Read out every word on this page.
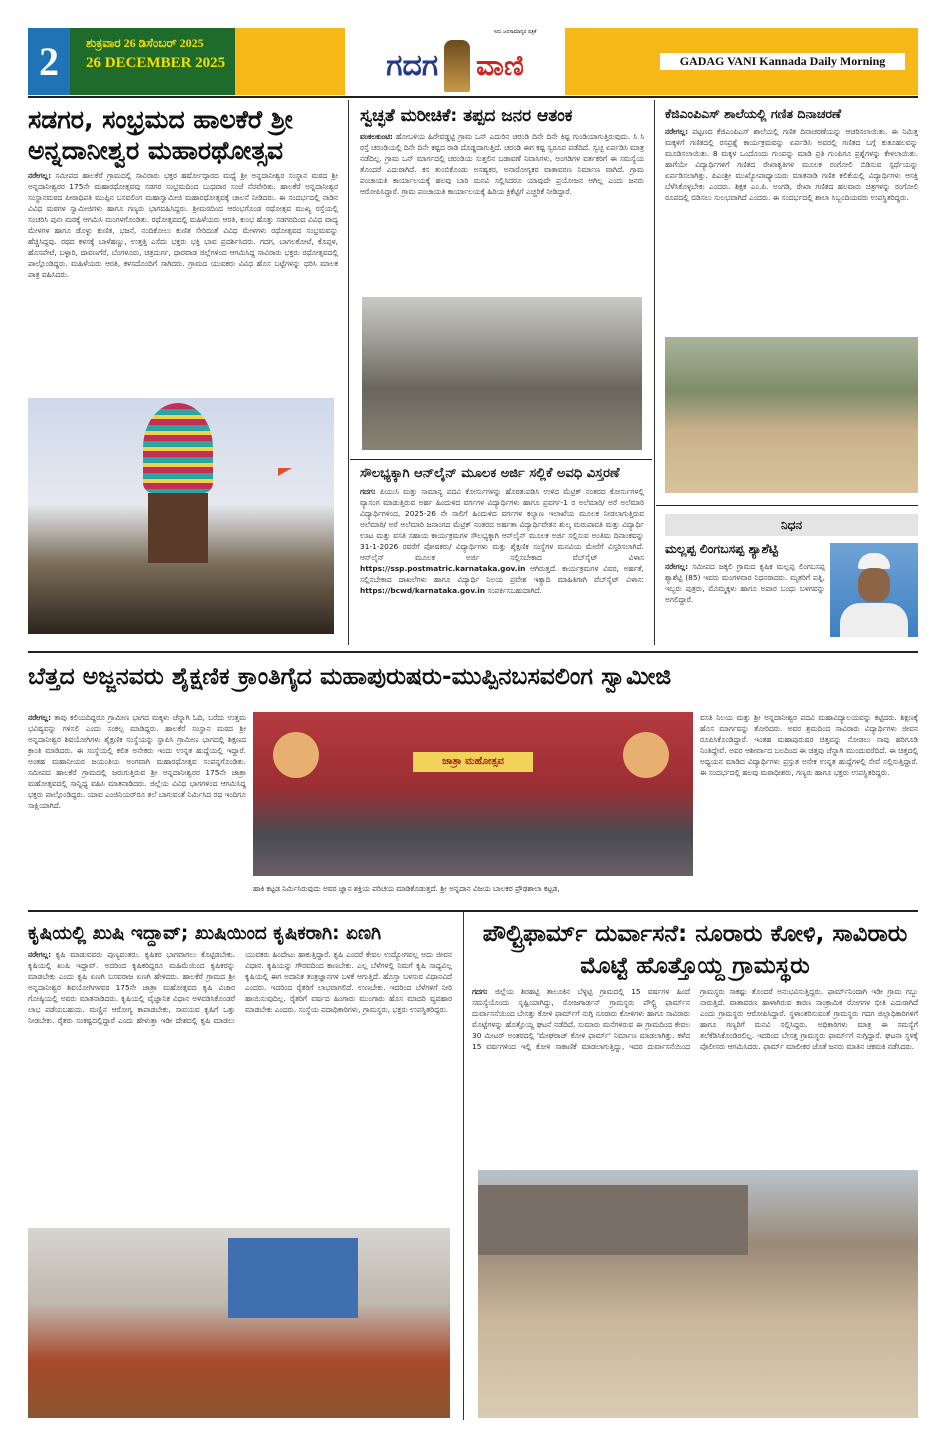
2	ಶುಕ್ರವಾರ 26 ಡಿಸೆಂಬರ್ 2025
26 DECEMBER 2025	ಗದಗ ವಾಣಿ
ಇದು ಜನಸಾಮಾನ್ಯರ ಪತ್ರಿಕೆ
GADAG VANI Kannada Daily Morning
ಸಡಗರ, ಸಂಭ್ರಮದ ಹಾಲಕೆರೆ ಶ್ರೀ ಅನ್ನದಾನೀಶ್ವರ ಮಹಾರಥೋತ್ಸವ
ನರೇಗಲ್ಲ: ಸಮೀಪದ ಹಾಲಕೆರೆ ಗ್ರಾಮದಲ್ಲಿ ಸಾವಿರಾರು ಭಕ್ತರ ಹರ್ಷೋದ್ಗಾರದ ಮಧ್ಯೆ ಶ್ರೀ ಅನ್ನದಾನೀಶ್ವರ ಸಂಸ್ಥಾನ ಮಠದ ಶ್ರೀ ಅನ್ನದಾನೀಶ್ವರರ 175ನೇ ಮಹಾರಥೋತ್ಸವವು ಸಡಗರ ಸಂಭ್ರಮದಿಂದ ಬುಧವಾರ ಸಂಜೆ ನೆರವೇರಿತು. ಹಾಲಕೆರೆ ಅನ್ನದಾನೀಶ್ವರ ಸಂಸ್ಥಾನಮಠದ ಪೀಠಾಧಿಪತಿ ಮುಪ್ಪಿನ ಬಸವಲಿಂಗ ಮಹಾಸ್ವಾಮೀಜಿ ಮಹಾರಥೋತ್ಸವಕ್ಕೆ ಚಾಲನೆ ನೀಡಿದರು. ಈ ಸಂದರ್ಭದಲ್ಲಿ ನಾಡಿನ ವಿವಿಧ ಮಠಗಳ ಸ್ವಾಮೀಜಿಗಳು ಹಾಗೂ ಗಣ್ಯರು ಭಾಗವಹಿಸಿದ್ದರು. ಶ್ರೀಮಠದಿಂದ ಆರಂಭಗೊಂಡ ರಥೋತ್ಸವ ಮುಖ್ಯ ರಸ್ತೆಯಲ್ಲಿ ಸಂಚರಿಸಿ ಪುನಃ ಮಠಕ್ಕೆ ಆಗಮಿಸಿ ಮಂಗಳಗೊಂಡಿತು. ರಥೋತ್ಸವದಲ್ಲಿ ಮಹಿಳೆಯರು ಆರತಿ, ಕುಂಭ ಹೊತ್ತು ಸಡಗರದಿಂದ ವಿವಿಧ ವಾದ್ಯ ಮೇಳಗಳ ಹಾಗೂ ಡೊಳ್ಳು ಕುಣಿತ, ಭಜನೆ, ನಂದಿಕೋಲು ಕುಣಿತ ಸೇರಿದಂತೆ ವಿವಿಧ ಮೇಳಗಳು ರಥೋತ್ಸವದ ಸಂಭ್ರಮವನ್ನು ಹೆಚ್ಚಿಸಿದ್ದವು. ರಥದ ಕಳಸಕ್ಕೆ ಬಾಳೆಹಣ್ಣು, ಉತ್ತತ್ತಿ ಎಸೆದು ಭಕ್ತರು ಭಕ್ತಿ ಭಾವ ಪ್ರದರ್ಶಿಸಿದರು. ಗದಗ, ಬಾಗಲಕೋಟೆ, ಕೊಪ್ಪಳ, ಹೊಸಪೇಟೆ, ಬಳ್ಳಾರಿ, ದಾವಣಗೆರೆ, ಬೆಂಗಳೂರು, ಚಿತ್ರದುರ್ಗ, ಧಾರವಾಡ ಜಿಲ್ಲೆಗಳಿಂದ ಆಗಮಿಸಿದ್ದ ಸಾವಿರಾರು ಭಕ್ತರು ರಥೋತ್ಸವದಲ್ಲಿ ಪಾಲ್ಗೊಂಡಿದ್ದರು. ಮಹಿಳೆಯರು ಆರತಿ, ಕಳಸದೊಂದಿಗೆ ಸಾಗಿದರು. ಗ್ರಾಮದ ಯುವಕರು ವಿವಿಧ ಹೊಸ ಬಟ್ಟೆಗಳನ್ನು ಧರಿಸಿ ಮಾಲಕ ಪಾತ್ರ ವಹಿಸಿದರು.
ಸ್ವಚ್ಛತೆ ಮರೀಚಿಕೆ: ತಪ್ಪದ ಜನರ ಆತಂಕ
ವಂಕಲಕುಂಟಿ: ಹೋಬಳಿಯ ಹಿರೇವಡ್ಡಟ್ಟಿ ಗ್ರಾಮ ಒನ್ ಎದುರಿನ ಚರಂಡಿ ದಿನೇ ದಿನೇ ಕಿಷ್ಟ ಗುಂಡಿಯಾಗುತ್ತಿರುವುದು. ಸಿ ಸಿ ರಸ್ತೆ ಚರಂಡಿಯಲ್ಲಿ ದಿನೇ ದಿನೇ ಕಷ್ಟದ ರಾಡಿ ದೊಡ್ಡದಾಗುತ್ತಿದೆ. ಚರಂಡಿ ಈಗ ಕಷ್ಟ ಸ್ವರೂಪ ಪಡೆದಿದೆ. ಸ್ವಚ್ಛ ಏರ್ಪಡಿಸಿ ಮಾತ್ರ ನಡೆದಿಲ್ಲ. ಗ್ರಾಮ ಒನ್ ಮಾರ್ಗದಲ್ಲಿ ಚರಂಡಿಯ ಸುತ್ತಲಿನ ಬಡಾವಣೆ ನಿವಾಸಿಗಳು, ಅಂಗಡಿಗಳ ವರ್ತಕರಿಗೆ ಈ ಸಮಸ್ಯೆಯ ತೊಂದರೆ ಎದುರಾಗಿದೆ. ಕಸ ತುಂಬಿಕೊಂಡು ಅಸಹ್ಯಕರ, ಅನಾರೋಗ್ಯಕರ ವಾತಾವರಣ ನಿರ್ಮಾಣ ವಾಗಿದೆ. ಗ್ರಾಮ ಪಂಚಾಯತಿ ಕಾರ್ಯಾಲಯಕ್ಕೆ ಹಲವು ಬಾರಿ ಮನವಿ ಸಲ್ಲಿಸಿದರೂ ಯಾವುದೇ ಪ್ರಯೋಜನ ಆಗಿಲ್ಲ ಎಂದು ಜನರು ಆರೋಪಿಸಿದ್ದಾರೆ. ಗ್ರಾಮ ಪಂಚಾಯತಿ ಕಾರ್ಯಾಲಯಕ್ಕೆ ಹಿರಿಯ ಕ್ರಿಕೆಟ್ಟಿಗೆ ಎಚ್ಚರಿಕೆ ನೀಡಿದ್ದಾರೆ.
ಸೌಲಭ್ಯಕ್ಕಾಗಿ ಆನ್‌ಲೈನ್ ಮೂಲಕ ಅರ್ಜಿ ಸಲ್ಲಿಕೆ ಅವಧಿ ವಿಸ್ತರಣೆ
ಗದಗ: ಪಿಯುಸಿ ಮತ್ತು ಸಾಮಾನ್ಯ ಪದವಿ ಕೋರ್ಸುಗಳನ್ನು ಹೊರತುಪಡಿಸಿ ಉಳಿದ ಮೆಟ್ರಿಕ್ ನಂತರದ ಕೋರ್ಸುಗಳಲ್ಲಿ ವ್ಯಾಸಂಗ ಮಾಡುತ್ತಿರುವ ಅರ್ಹ ಹಿಂದುಳಿದ ವರ್ಗಗಳ ವಿದ್ಯಾರ್ಥಿಗಳು ಹಾಗೂ ಪ್ರವರ್ಗ-1 ರ ಅಲೆಮಾರಿ/ ಅರೆ ಅಲೆಮಾರಿ ವಿದ್ಯಾರ್ಥಿಗಳಿಂದ, 2025-26 ನೇ ಸಾಲಿಗೆ ಹಿಂದುಳಿದ ವರ್ಗಗಳ ಕಲ್ಯಾಣ ಇಲಾಖೆಯ ಮೂಲಕ ನೀಡಲಾಗುತ್ತಿರುವ ಅಲೆಮಾರಿ/ ಅರೆ ಅಲೆಮಾರಿ ಜನಾಂಗದ ಮೆಟ್ರಿಕ್ ನಂತರದ ಅರ್ಹತಾ ವಿದ್ಯಾರ್ಥಿವೇತನ ಶುಲ್ಕ ಮರುಪಾವತಿ ಮತ್ತು ವಿದ್ಯಾರ್ಥಿ ಊಟ ಮತ್ತು ವಸತಿ ಸಹಾಯ ಕಾರ್ಯಕ್ರಮಗಳ ಸೌಲಭ್ಯಕ್ಕಾಗಿ ಆನ್‌ಲೈನ್ ಮೂಲಕ ಅರ್ಜಿ ಸಲ್ಲಿಸುವ ಅಂತಿಮ ದಿನಾಂಕವನ್ನು 31-1-2026 ರವರೆಗೆ ಪೋಷಕರು/ ವಿದ್ಯಾರ್ಥಿಗಳು ಮತ್ತು ಶೈಕ್ಷಣಿಕ ಸಂಸ್ಥೆಗಳ ಮನವಿಯ ಮೇರೆಗೆ ವಿಸ್ತರಿಸಲಾಗಿದೆ. ಆನ್‌ಲೈನ್ ಮೂಲಕ ಅರ್ಜಿ ಸಲ್ಲಿಸಬೇಕಾದ ವೆಬ್‌ಸೈಟ್ ವಿಳಾಸ https://ssp.postmatric.karnataka.gov.in ಆಗಿರುತ್ತದೆ. ಕಾರ್ಯಕ್ರಮಗಳ ವಿವರ, ಅರ್ಹತೆ, ಸಲ್ಲಿಸಬೇಕಾದ ದಾಖಲೆಗಳು ಹಾಗೂ ವಿದ್ಯಾರ್ಥಿ ನಿಲಯ ಪ್ರವೇಶ ಇತ್ಯಾದಿ ಮಾಹಿತಿಗಾಗಿ ವೆಬ್‌ಸೈಟ್ ವಿಳಾಸ: https://bcwd/karnataka.gov.in ಸಂಪರ್ಕಿಸಬಹುದಾಗಿದೆ.
ಕೆಜಿಎಂಪಿಎಸ್ ಶಾಲೆಯಲ್ಲಿ ಗಣಿತ ದಿನಾಚರಣೆ
ನರೇಗಲ್ಲ: ಪಟ್ಟಣದ ಕೆಜಿಎಂಪಿಎಸ್ ಶಾಲೆಯಲ್ಲಿ ಗಣಿತ ದಿನಾಚರಣೆಯನ್ನು ಆಚರಿಸಲಾಯಿತು. ಈ ನಿಮಿತ್ತ ಮಕ್ಕಳಿಗೆ ಗಣಿತದಲ್ಲಿ ರಸಪ್ರಶ್ನೆ ಕಾರ್ಯಕ್ರಮವನ್ನು ಏರ್ಪಡಿಸಿ ಅವರಲ್ಲಿ ಗಣಿತದ ಬಗ್ಗೆ ಕುತೂಹಲವನ್ನು ಮೂಡಿಸಲಾಯಿತು. 8 ಮಕ್ಕಳ ಒಂದೊಂದು ಗುಂಪನ್ನು ಮಾಡಿ ಪ್ರತಿ ಗುಂಪಿಗೂ ಪ್ರಶ್ನೆಗಳನ್ನು ಕೇಳಲಾಯಿತು. ಹಾಗೆಯೇ ವಿದ್ಯಾರ್ಥಿಗಳಿಗೆ ಗಣಿತದ ರೇಖಾಕೃತಿಗಳ ಮೂಲಕ ರಂಗೋಲಿ ಬಿಡಿಸುವ ಸ್ಪರ್ಧೆಯನ್ನು ಏರ್ಪಡಿಸಲಾಗಿತ್ತು. ಪಿಎಂಶ್ರೀ ಮುಖ್ಯೋಪಾಧ್ಯಾಯರು ಮಾತನಾಡಿ ಗಣಿತ ಕಲಿಕೆಯಲ್ಲಿ ವಿದ್ಯಾರ್ಥಿಗಳು ಆಸಕ್ತಿ ಬೆಳೆಸಿಕೊಳ್ಳಬೇಕು ಎಂದರು. ಶಿಕ್ಷಕ ಎಂ.ಪಿ. ಅಂಗಡಿ, ರೇಖಾ ಗಣಿತದ ಹಲವಾರು ಚಿತ್ರಗಳನ್ನು ರಂಗೋಲಿ ರೂಪದಲ್ಲಿ ಬಿಡಿಸಲು ಸುಲಭವಾಗಿದೆ ಎಂದರು. ಈ ಸಂದರ್ಭದಲ್ಲಿ ಶಾಲಾ ಸಿಬ್ಬಂದಿಯವರು ಉಪಸ್ಥಿತರಿದ್ದರು.
ನಿಧನ
ಮಲ್ಲಪ್ಪ ಲಿಂಗಬಸಪ್ಪ ಶ್ಯಾಶೆಟ್ಟಿ
ನರೇಗಲ್ಲ: ಸಮೀಪದ ಜಕ್ಕಲಿ ಗ್ರಾಮದ ಕೃಷಿಕ ಮಲ್ಲಪ್ಪ ಲಿಂಗಬಸಪ್ಪ ಶ್ಯಾಶೆಟ್ಟಿ (85) ಇವರು ಮಂಗಳವಾರ ನಿಧನರಾದರು. ಮೃತರಿಗೆ ಪತ್ನಿ, ಇಬ್ಬರು ಪುತ್ರರು, ಮೊಮ್ಮಕ್ಕಳು ಹಾಗೂ ಅಪಾರ ಬಂಧು ಬಳಗವನ್ನು ಅಗಲಿದ್ದಾರೆ.
ಬೆತ್ತದ ಅಜ್ಜನವರು ಶೈಕ್ಷಣಿಕ ಕ್ರಾಂತಿಗೈದ ಮಹಾಪುರುಷರು-ಮುಪ್ಪಿನಬಸವಲಿಂಗ ಸ್ವಾಮೀಜಿ
ನರೇಗಲ್ಲ: ತಾವು ಕಲಿಯದಿದ್ದರೂ ಗ್ರಾಮೀಣ ಭಾಗದ ಮಕ್ಕಳು ಚೆನ್ನಾಗಿ ಓದಿ, ಬರೆದು ಉತ್ತಮ ಭವಿಷ್ಯವನ್ನು ಗಳಿಸಲಿ ಎಂದು ಸಂಕಲ್ಪ ಮಾಡಿದ್ದರು. ಹಾಲಕೆರೆ ಸಂಸ್ಥಾನ ಮಠದ ಶ್ರೀ ಅನ್ನದಾನೀಶ್ವರ ಶಿವಯೋಗಿಗಳು ಶೈಕ್ಷಣಿಕ ಸಂಸ್ಥೆಯನ್ನು ಸ್ಥಾಪಿಸಿ ಗ್ರಾಮೀಣ ಭಾಗದಲ್ಲಿ ಶಿಕ್ಷಣದ ಕ್ರಾಂತಿ ಮಾಡಿದರು. ಈ ಸಂಸ್ಥೆಯಲ್ಲಿ ಕಲಿತ ಅನೇಕರು ಇಂದು ಉನ್ನತ ಹುದ್ದೆಯಲ್ಲಿ ಇದ್ದಾರೆ. ಅಂತಹ ಮಹಾನೀಯರ ಜಯಂತಿಯ ಅಂಗವಾಗಿ ಮಹಾರಥೋತ್ಸವ ಸಂಪನ್ನಗೊಂಡಿತು. ಸಮೀಪದ ಹಾಲಕೆರೆ ಗ್ರಾಮದಲ್ಲಿ ಜರುಗುತ್ತಿರುವ ಶ್ರೀ ಅನ್ನದಾನೀಶ್ವರರ 175ನೇ ಜಾತ್ರಾ ಮಹೋತ್ಸವದಲ್ಲಿ ಸಾನ್ನಿಧ್ಯ ವಹಿಸಿ ಮಾತನಾಡಿದರು. ಜಿಲ್ಲೆಯ ವಿವಿಧ ಭಾಗಗಳಿಂದ ಆಗಮಿಸಿದ್ದ ಭಕ್ತರು ಪಾಲ್ಗೊಂಡಿದ್ದರು. ಯಾವ ಎಂಜಿನಿಯರ್‌ರೂ ತಲೆ ಬಾಗುವಂತೆ ನಿರ್ಮಿಸಿದ ರಥ ಇಂದಿಗೂ ಸಾಕ್ಷಿಯಾಗಿದೆ.
ಜಾತ್ರಾ ಮಹೋತ್ಸವ
ಹಾಕಿ ಕಟ್ಟಡ ನಿರ್ಮಿಸಿರುವುದು ಅವರ ಜ್ಞಾನ ಶಕ್ತಿಯ ಪರಿಚಯ ಮಾಡಿಕೊಡುತ್ತದೆ. ಶ್ರೀ ಅನ್ನದಾನ ವಿಜಯ ಬಾಲಕರ ಪ್ರೌಢಶಾಲಾ ಕಟ್ಟಡ,
ವಸತಿ ನಿಲಯ ಮತ್ತು ಶ್ರೀ ಅನ್ನದಾನೀಶ್ವರ ಪದವಿ ಮಹಾವಿದ್ಯಾಲಯವನ್ನು ಕಟ್ಟಿದರು. ಶಿಕ್ಷಣಕ್ಕೆ ಹೊಸ ಮಾರ್ಗವನ್ನು ತೋರಿದರು. ಅವರ ಶ್ರಮದಿಂದ ಸಾವಿರಾರು ವಿದ್ಯಾರ್ಥಿಗಳು ಜೀವನ ರೂಪಿಸಿಕೊಂಡಿದ್ದಾರೆ. ಇಂತಹ ಮಹಾಪುರುಷರ ಚಿತ್ತವನ್ನು ನೋಡಲು ನಾವು ಹರಿಗೂಡಿ ನಿಂತಿದ್ದೇವೆ. ಅವರ ಆಶೀರ್ವಾದ ಬಲದಿಂದ ಈ ಚಿತ್ತವು ಚೆನ್ನಾಗಿ ಮುಂದುವರೆದಿದೆ. ಈ ಚಿತ್ತದಲ್ಲಿ ಅಧ್ಯಯನ ಮಾಡಿದ ವಿದ್ಯಾರ್ಥಿಗಳು ಪ್ರಸ್ತುತ ಅನೇಕ ಉನ್ನತ ಹುದ್ದೆಗಳಲ್ಲಿ ಸೇವೆ ಸಲ್ಲಿಸುತ್ತಿದ್ದಾರೆ. ಈ ಸಂದರ್ಭದಲ್ಲಿ ಹಲವು ಮಠಾಧೀಶರು, ಗಣ್ಯರು ಹಾಗೂ ಭಕ್ತರು ಉಪಸ್ಥಿತರಿದ್ದರು.
ಕೃಷಿಯಲ್ಲಿ ಖುಷಿ ಇದ್ದಾವ್; ಖುಷಿಯಿಂದ ಕೃಷಿಕರಾಗಿ: ಏಣಗಿ
ನರೇಗಲ್ಲ: ಕೃಷಿ ಮಾಡುವವರು ಪುಣ್ಯವಂತರು. ಕೃಷಿಕರ ಭಾಗವಾಗಲು ಕೊಟ್ಟಿಡಬೇಕು. ಕೃಷಿಯಲ್ಲಿ ಖುಷಿ ಇದ್ದಾವ್. ಅದರಿಂದ ಕೃಷಿಕರಿದ್ದರೂ ಮಹಿಮೆಯಿಂದ ಕೃಷಿಕರನ್ನು ಮಾಡಬೇಕು ಎಂದು ಕೃಷಿ ಏಣಗಿ ಬಸವರಾಜ ಏಣಗಿ ಹೇಳಿದರು. ಹಾಲಕೆರೆ ಗ್ರಾಮದ ಶ್ರೀ ಅನ್ನದಾನೀಶ್ವರ ಶಿವಯೋಗಿಗಳವರ 175ನೇ ಜಾತ್ರಾ ಮಹೋತ್ಸವದ ಕೃಷಿ ವಿಚಾರ ಗೋಷ್ಠಿಯಲ್ಲಿ ಅವರು ಮಾತನಾಡಿದರು. ಕೃಷಿಯಲ್ಲಿ ವೈಜ್ಞಾನಿಕ ವಿಧಾನ ಅಳವಡಿಸಿಕೊಂಡರೆ ಲಾಭ ಪಡೆಯಬಹುದು. ಮಣ್ಣಿನ ಆರೋಗ್ಯ ಕಾಪಾಡಬೇಕು, ಸಾವಯವ ಕೃಷಿಗೆ ಒತ್ತು ನೀಡಬೇಕು. ರೈತರು ಸಂಕಷ್ಟದಲ್ಲಿದ್ದಾರೆ ಎಂದು ಹೇಳುತ್ತಾ ಇಡೀ ದೇಶದಲ್ಲಿ ಕೃಷಿ ಮಾಡಲು ಯುವಕರು ಹಿಂದೇಟು ಹಾಕುತ್ತಿದ್ದಾರೆ. ಕೃಷಿ ಎಂದರೆ ಕೇವಲ ಉದ್ಯೋಗವಲ್ಲ ಅದು ಜೀವನ ವಿಧಾನ. ಕೃಷಿಯನ್ನು ಗೌರವದಿಂದ ಕಾಣಬೇಕು. ಎಲ್ಲ ಬೆಳೆಗಳಲ್ಲಿ ನಿಮಗೆ ಕೃಷಿ ಸಾಧ್ಯವಿಲ್ಲ ಕೃಷಿಯಲ್ಲಿ ಈಗ ಅದಾನಿಕ ತಂತ್ರಜ್ಞಾನಗಳ ಬಳಕೆ ಆಗುತ್ತಿದೆ. ಹೊಸ್ತಾ ಬಳಸುವ ವಿಧಾನವಿದೆ ಎಂದರು. ಇದರಿಂದ ರೈತರಿಗೆ ಲಾಭವಾಗಲಿದೆ. ಉಣಬೇಕು. ಇದರಿಂದ ಬೆಳೆಗಳಿಗೆ ನೀರಿ ಹಾಯಿಸುವುದಿಲ್ಲ. ರೈತರಿಗೆ ವರ್ಷದ ಹಿಂಗಾರು ಮುಂಗಾರು ಹೊಸ ಮಾದರಿ ವ್ಯವಹಾರ ಮಾಡಬೇಕು ಎಂದರು. ಸಂಸ್ಥೆಯ ಪದಾಧಿಕಾರಿಗಳು, ಗ್ರಾಮಸ್ಥರು, ಭಕ್ತರು ಉಪಸ್ಥಿತರಿದ್ದರು.
ಪೌಲ್ಟ್ರಿಫಾರ್ಮ್ ದುರ್ವಾಸನೆ: ನೂರಾರು ಕೋಳಿ, ಸಾವಿರಾರು ಮೊಟ್ಟೆ ಹೊತ್ತೊಯ್ದ ಗ್ರಾಮಸ್ಥರು
ಗದಗ: ಜಿಲ್ಲೆಯ ಶಿರಹಟ್ಟಿ ತಾಲೂಕಿನ ಬೆಳ್ಳಟ್ಟಿ ಗ್ರಾಮದಲ್ಲಿ 15 ವರ್ಷಗಳ ಹಿಂದೆ ಸಮಸ್ಯೆಯೊಂದು ಸೃಷ್ಟಿಯಾಗಿದ್ದು, ರೋಜಗಾರ್ಡನ್ ಗ್ರಾಮಸ್ಥರು ಪೌಲ್ಟ್ರಿ ಫಾರ್ಮ್‌ನ ದುರ್ವಾಸನೆಯಿಂದ ಬೇಸತ್ತು ಕೋಳಿ ಫಾರ್ಮ್‌ಗೆ ನುಗ್ಗಿ ನೂರಾರು ಕೋಳಿಗಳು ಹಾಗೂ ಸಾವಿರಾರು ಮೊಟ್ಟೆಗಳನ್ನು ಹೊತ್ತೊಯ್ದ ಘಟನೆ ನಡೆದಿದೆ. ಸುಮಾರು ಮನೆಗಳಿರುವ ಈ ಗ್ರಾಮದಿಂದ ಕೇವಲ 30 ಮೀಟರ್ ಅಂತರದಲ್ಲಿ 'ಮೇಘರಾಜ್ ಕೋಳಿ ಫಾರ್ಮ್' ನಿರ್ಮಾಣ ಮಾಡಲಾಗಿತ್ತು. ಕಳೆದ 15 ವರ್ಷಗಳಿಂದ ಇಲ್ಲಿ ಕೋಳಿ ಸಾಕಾಣಿಕೆ ಮಾಡಲಾಗುತ್ತಿದ್ದು, ಇದರ ದುರ್ವಾಸನೆಯಿಂದ ಗ್ರಾಮಸ್ಥರು ಸಾಕಷ್ಟು ತೊಂದರೆ ಅನುಭವಿಸುತ್ತಿದ್ದರು. ಫಾರ್ಮ್‌ನಿಂದಾಗಿ ಇಡೀ ಗ್ರಾಮ ಗಬ್ಬು ನಾರುತ್ತಿದೆ. ವಾತಾವರಣ ಹಾಳಾಗಿರುವ ಕಾರಣ ಸಾಂಕ್ರಾಮಿಕ ರೋಗಗಳ ಭೀತಿ ಎದುರಾಗಿದೆ ಎಂದು ಗ್ರಾಮಸ್ಥರು ಆರೋಪಿಸಿದ್ದಾರೆ. ಸ್ಥಳಾಂತರಿಸುವಂತೆ ಗ್ರಾಮಸ್ಥರು ಗದಗ ಜಿಲ್ಲಾಧಿಕಾರಿಗಳಿಗೆ ಹಾಗೂ ಗಣ್ಯರಿಗೆ ಮನವಿ ಸಲ್ಲಿಸಿದ್ದರು. ಅಧಿಕಾರಿಗಳು ಮಾತ್ರ ಈ ಸಮಸ್ಯೆಗೆ ತಲೆಕೆಡಿಸಿಕೊಂಡಿರಲಿಲ್ಲ. ಇದರಿಂದ ಬೇಸತ್ತ ಗ್ರಾಮಸ್ಥರು ಫಾರ್ಮ್‌ಗೆ ನುಗ್ಗಿದ್ದಾರೆ. ಘಟನಾ ಸ್ಥಳಕ್ಕೆ ಪೊಲೀಸರು ಆಗಮಿಸಿದರು. ಫಾರ್ಮ್ ಮಾಲೀಕರ ಜೊತೆ ಜನರು ಮಾತಿನ ಚಕಮಕಿ ನಡೆಸಿದರು.
